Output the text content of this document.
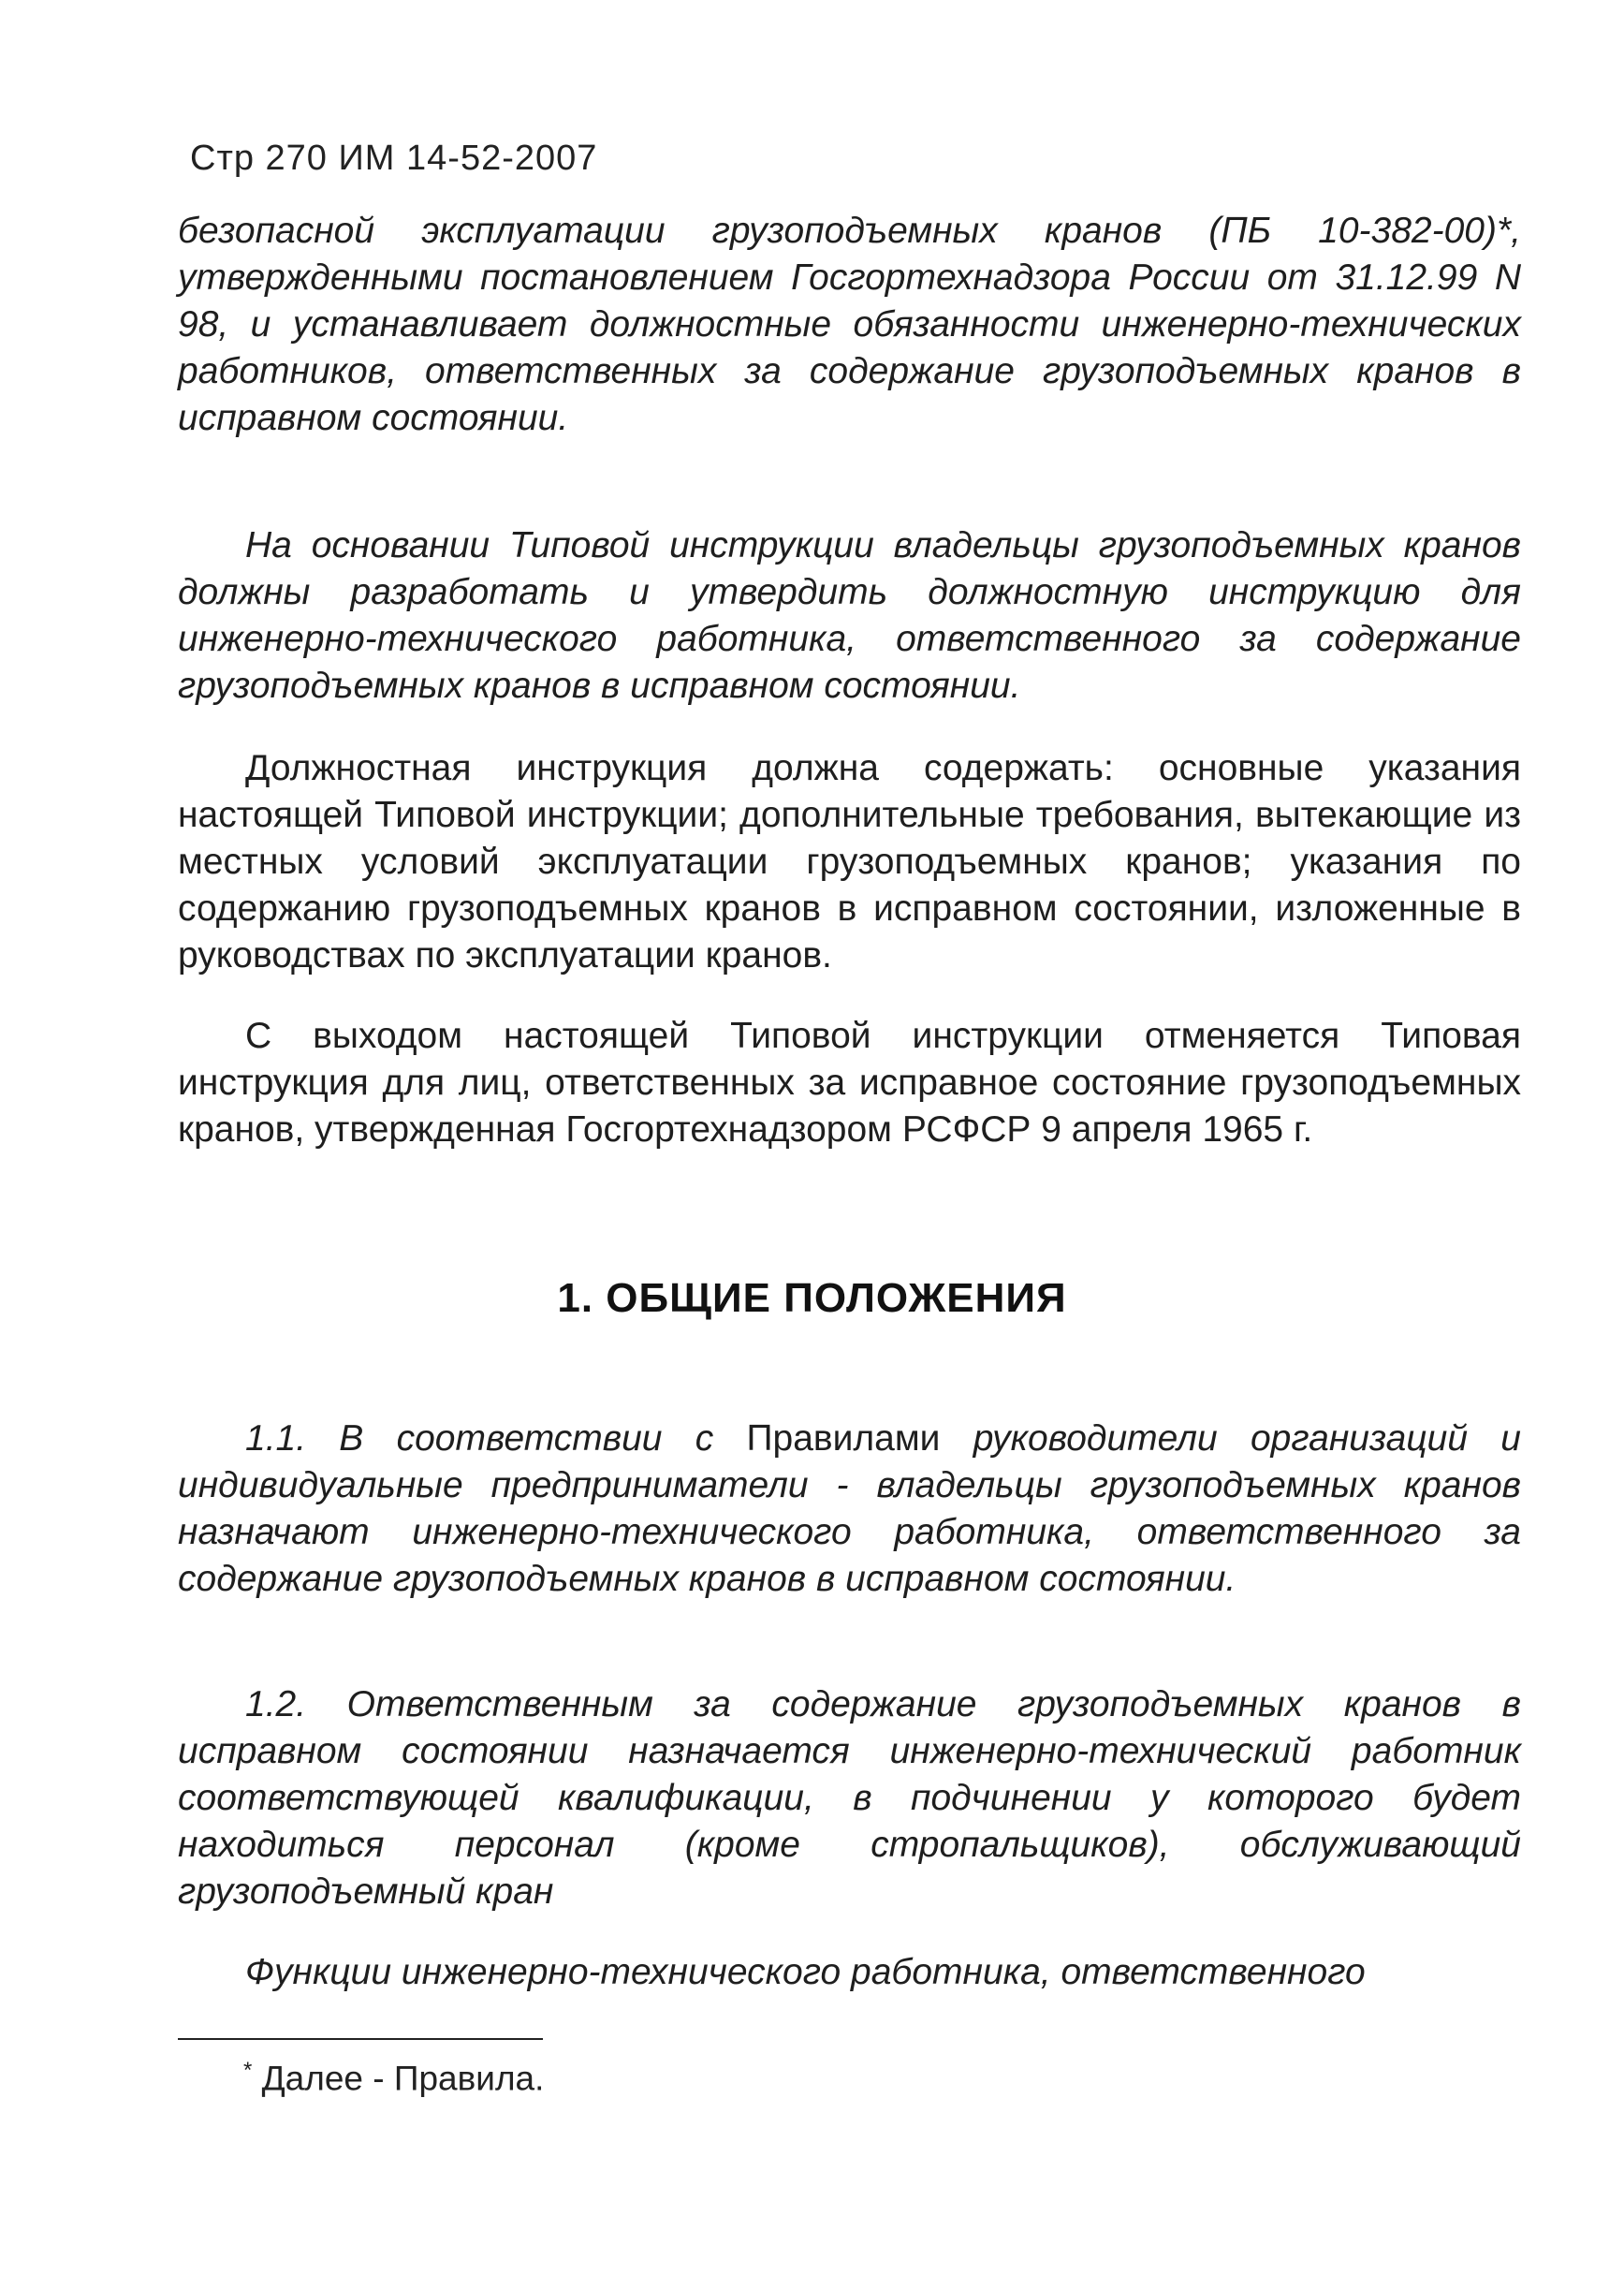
Стр 270 ИМ 14-52-2007

безопасной эксплуатации грузоподъемных кранов (ПБ 10-382-00)*, утвержденными постановлением Госгортехнадзора России от 31.12.99 N 98, и устанавливает должностные обязанности инженерно-технических работников, ответственных за содержание грузоподъемных кранов в исправном состоянии.

На основании Типовой инструкции владельцы грузоподъемных кранов должны разработать и утвердить должностную инструкцию для инженерно-технического работника, ответственного за содержание грузоподъемных кранов в исправном состоянии.

Должностная инструкция должна содержать: основные указания настоящей Типовой инструкции; дополнительные требования, вытекающие из местных условий эксплуатации грузоподъемных кранов; указания по содержанию грузоподъемных кранов в исправном состоянии, изложенные в руководствах по эксплуатации кранов.

С выходом настоящей Типовой инструкции отменяется Типовая инструкция для лиц, ответственных за исправное состояние грузоподъемных кранов, утвержденная Госгортехнадзором РСФСР 9 апреля 1965 г.

1. ОБЩИЕ ПОЛОЖЕНИЯ

1.1. В соответствии с Правилами руководители организаций и индивидуальные предприниматели - владельцы грузоподъемных кранов назначают инженерно-технического работника, ответственного за содержание грузоподъемных кранов в исправном состоянии.

1.2. Ответственным за содержание грузоподъемных кранов в исправном состоянии назначается инженерно-технический работник соответствующей квалификации, в подчинении у которого будет находиться персонал (кроме стропальщиков), обслуживающий грузоподъемный кран

Функции инженерно-технического работника, ответственного

* Далее - Правила.
